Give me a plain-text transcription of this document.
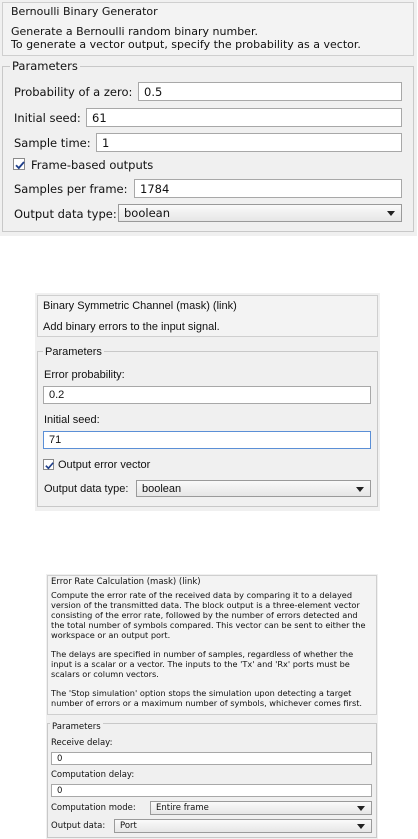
Bernoulli Binary Generator
Generate a Bernoulli random binary number.
To generate a vector output, specify the probability as a vector.
Parameters
Probability of a zero:	0.5
Initial seed: 61
Sample time: 1
Frame-based outputs
Samples per frame:	1784
Output data type: boolean
Binary Symmetric Channel (mask) (link)
Add binary errors to the input signal.
Parameters
Error probability:
0.2
Initial seed:
71
Output error vector
Output data type: boolean
Error Rate Calculation (mask) (link)
Compute the error rate of the received data by comparing it to a delayed version of the transmitted data. The block output is a three-element vector consisting of the error rate, followed by the number of errors detected and the total number of symbols compared. This vector can be sent to either the workspace or an output port.
The delays are specified in number of samples, regardless of whether the input is a scalar or a vector. The inputs to the 'Tx' and 'Rx' ports must be scalars or column vectors.
The 'Stop simulation' option stops the simulation upon detecting a target number of errors or a maximum number of symbols, whichever comes first.
Parameters
Receive delay:
0
Computation delay:
0
Computation mode: Entire frame
Output data: Port
